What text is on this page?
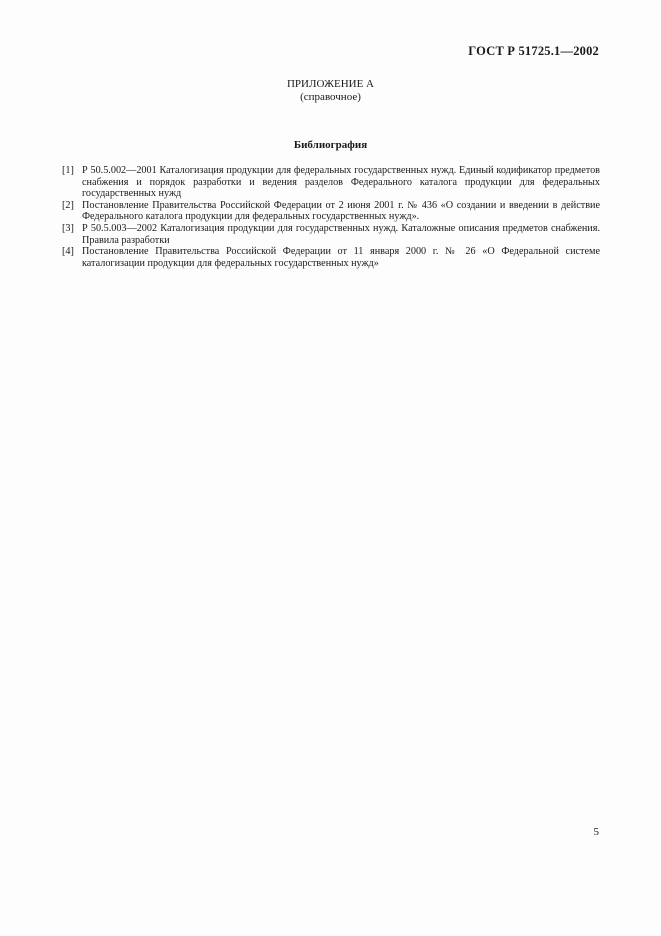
ГОСТ Р 51725.1—2002
ПРИЛОЖЕНИЕ А
(справочное)
Библиография
[1] Р 50.5.002—2001 Каталогизация продукции для федеральных государственных нужд. Единый кодификатор предметов снабжения и порядок разработки и ведения разделов Федерального каталога продукции для федеральных государственных нужд
[2] Постановление Правительства Российской Федерации от 2 июня 2001 г. № 436 «О создании и введении в действие Федерального каталога продукции для федеральных государственных нужд».
[3] Р 50.5.003—2002 Каталогизация продукции для государственных нужд. Каталожные описания предметов снабжения. Правила разработки
[4] Постановление Правительства Российской Федерации от 11 января 2000 г. № 26 «О Федеральной системе каталогизации продукции для федеральных государственных нужд»
5
